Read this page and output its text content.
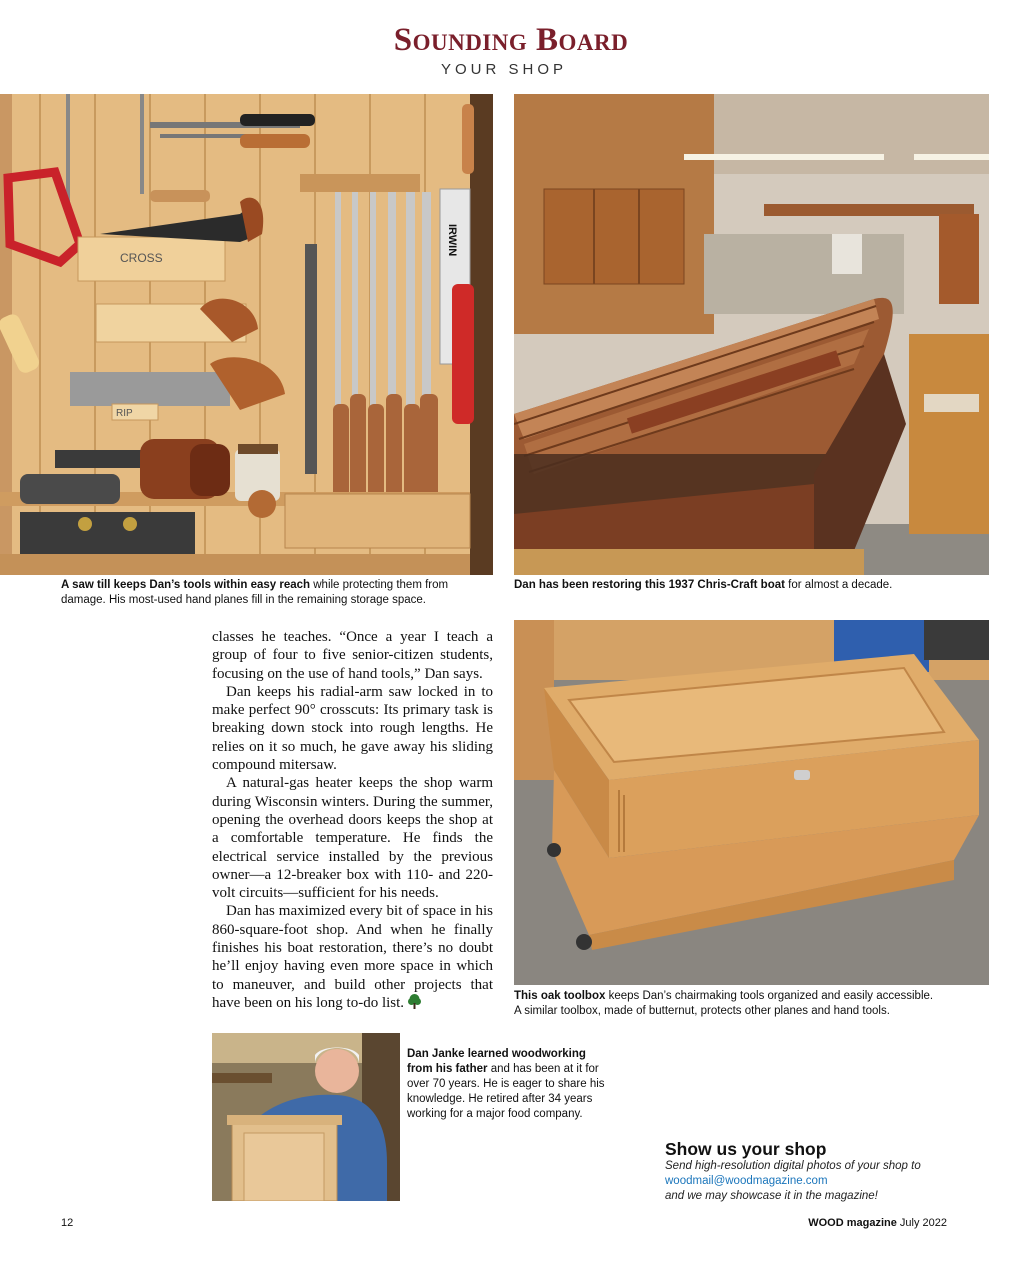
Sounding Board
YOUR SHOP
CROSS
RIP
IRWIN
A saw till keeps Dan’s tools within easy reach while protecting them from damage. His most-used hand planes fill in the remaining storage space.
Dan has been restoring this 1937 Chris-Craft boat for almost a decade.

classes he teaches. “Once a year I teach a group of four to five senior-citizen students, focusing on the use of hand tools,” Dan says.

Dan keeps his radial-arm saw locked in to make perfect 90° crosscuts: Its primary task is breaking down stock into rough lengths. He relies on it so much, he gave away his sliding compound mitersaw.

A natural-gas heater keeps the shop warm during Wisconsin winters. During the summer, opening the overhead doors keeps the shop at a comfortable temperature. He finds the electrical service installed by the previous owner—a 12-breaker box with 110- and 220-volt circuits—sufficient for his needs.

Dan has maximized every bit of space in his 860-square-foot shop. And when he finally finishes his boat restoration, there’s no doubt he’ll enjoy having even more space in which to maneuver, and build other projects that have been on his long to-do list.	This oak toolbox keeps Dan’s chairmaking tools organized and easily accessible. A similar toolbox, made of butternut, protects other planes and hand tools.
Dan Janke learned woodworking from his father and has been at it for over 70 years. He is eager to share his knowledge. He retired after 34 years working for a major food company.
Show us your shop
Send high-resolution digital photos of your shop to
woodmail@woodmagazine.com
and we may showcase it in the magazine!
12	WOOD magazine July 2022
